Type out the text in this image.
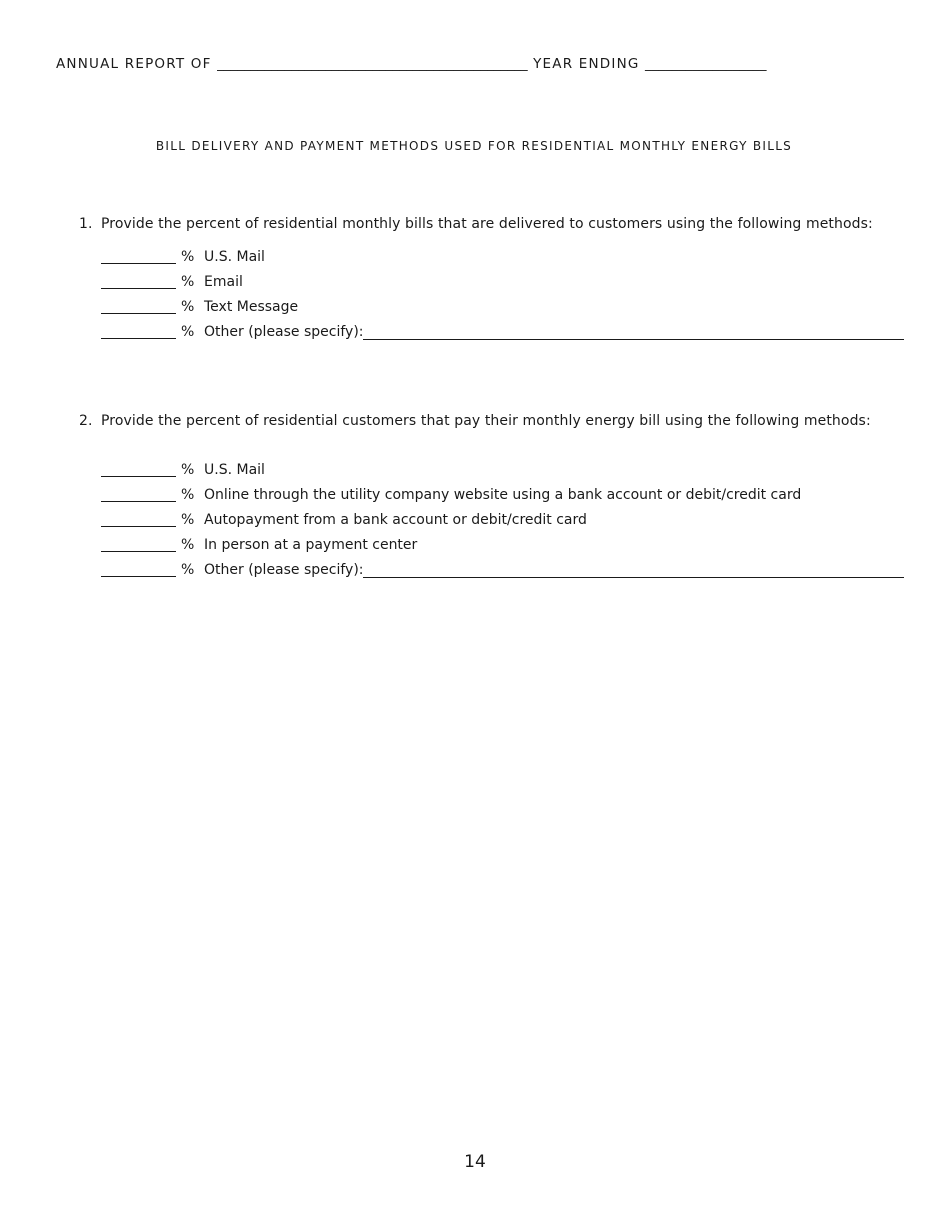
ANNUAL REPORT OF ______________________________________________ YEAR ENDING __________________
BILL DELIVERY AND PAYMENT METHODS USED FOR RESIDENTIAL MONTHLY ENERGY BILLS
1. Provide the percent of residential monthly bills that are delivered to customers using the following methods:
% U.S. Mail
% Email
% Text Message
% Other (please specify):
2. Provide the percent of residential customers that pay their monthly energy bill using the following methods:
% U.S. Mail
% Online through the utility company website using a bank account or debit/credit card
% Autopayment from a bank account or debit/credit card
% In person at a payment center
% Other (please specify):
14
